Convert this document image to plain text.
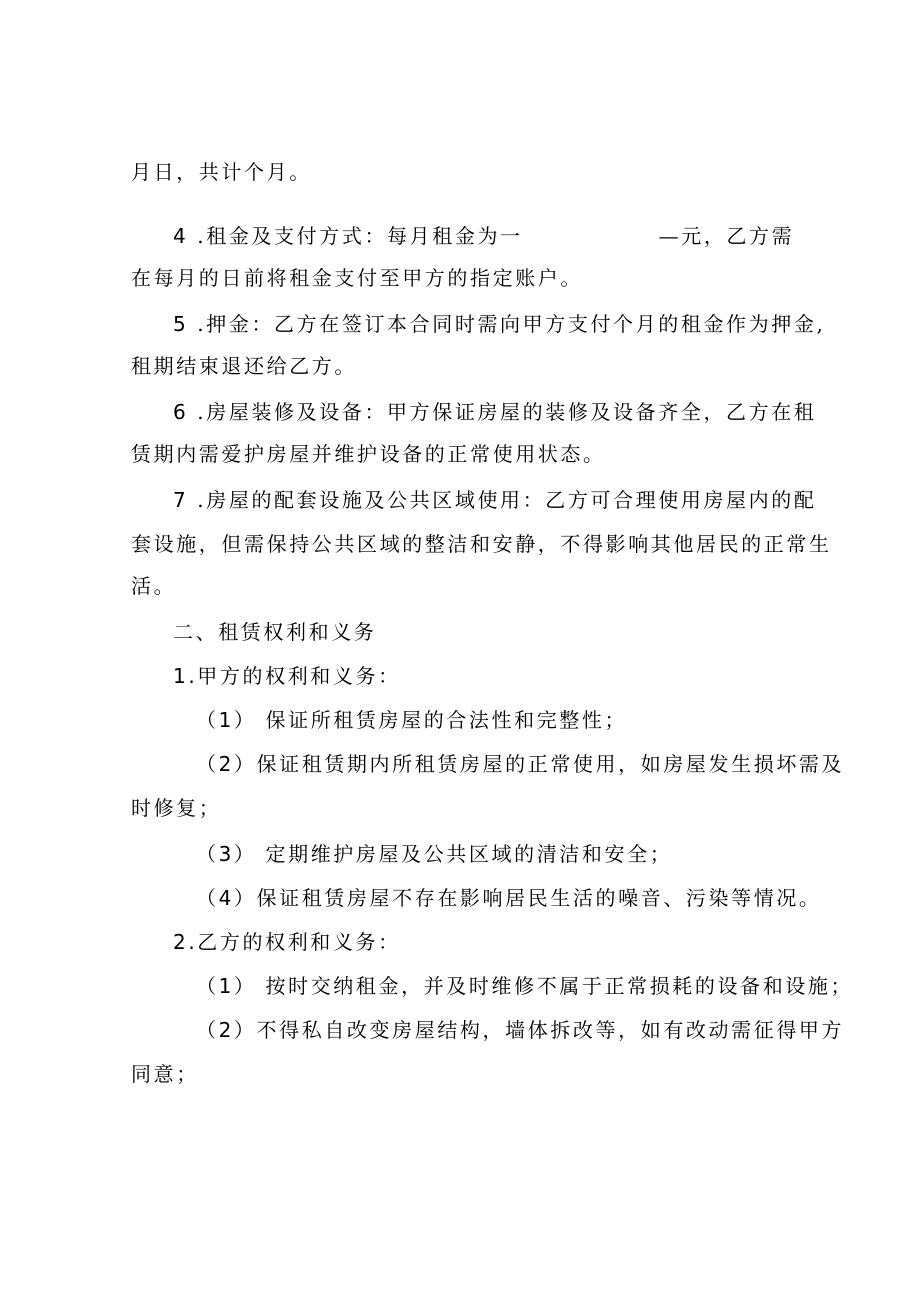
月日，共计个月。
4 .租金及支付方式：每月租金为一	—元，乙方需
在每月的日前将租金支付至甲方的指定账户。
5 .押金：乙方在签订本合同时需向甲方支付个月的租金作为押金,
租期结束退还给乙方。
6 .房屋装修及设备：甲方保证房屋的装修及设备齐全，乙方在租
赁期内需爱护房屋并维护设备的正常使用状态。
7 .房屋的配套设施及公共区域使用：乙方可合理使用房屋内的配
套设施，但需保持公共区域的整洁和安静，不得影响其他居民的正常生
活。
二、租赁权利和义务
1.甲方的权利和义务：
（1） 保证所租赁房屋的合法性和完整性；
（2）保证租赁期内所租赁房屋的正常使用，如房屋发生损坏需及
时修复；
（3） 定期维护房屋及公共区域的清洁和安全；
（4）保证租赁房屋不存在影响居民生活的噪音、污染等情况。
2.乙方的权利和义务：
（1） 按时交纳租金，并及时维修不属于正常损耗的设备和设施；
（2）不得私自改变房屋结构，墙体拆改等，如有改动需征得甲方
同意；
